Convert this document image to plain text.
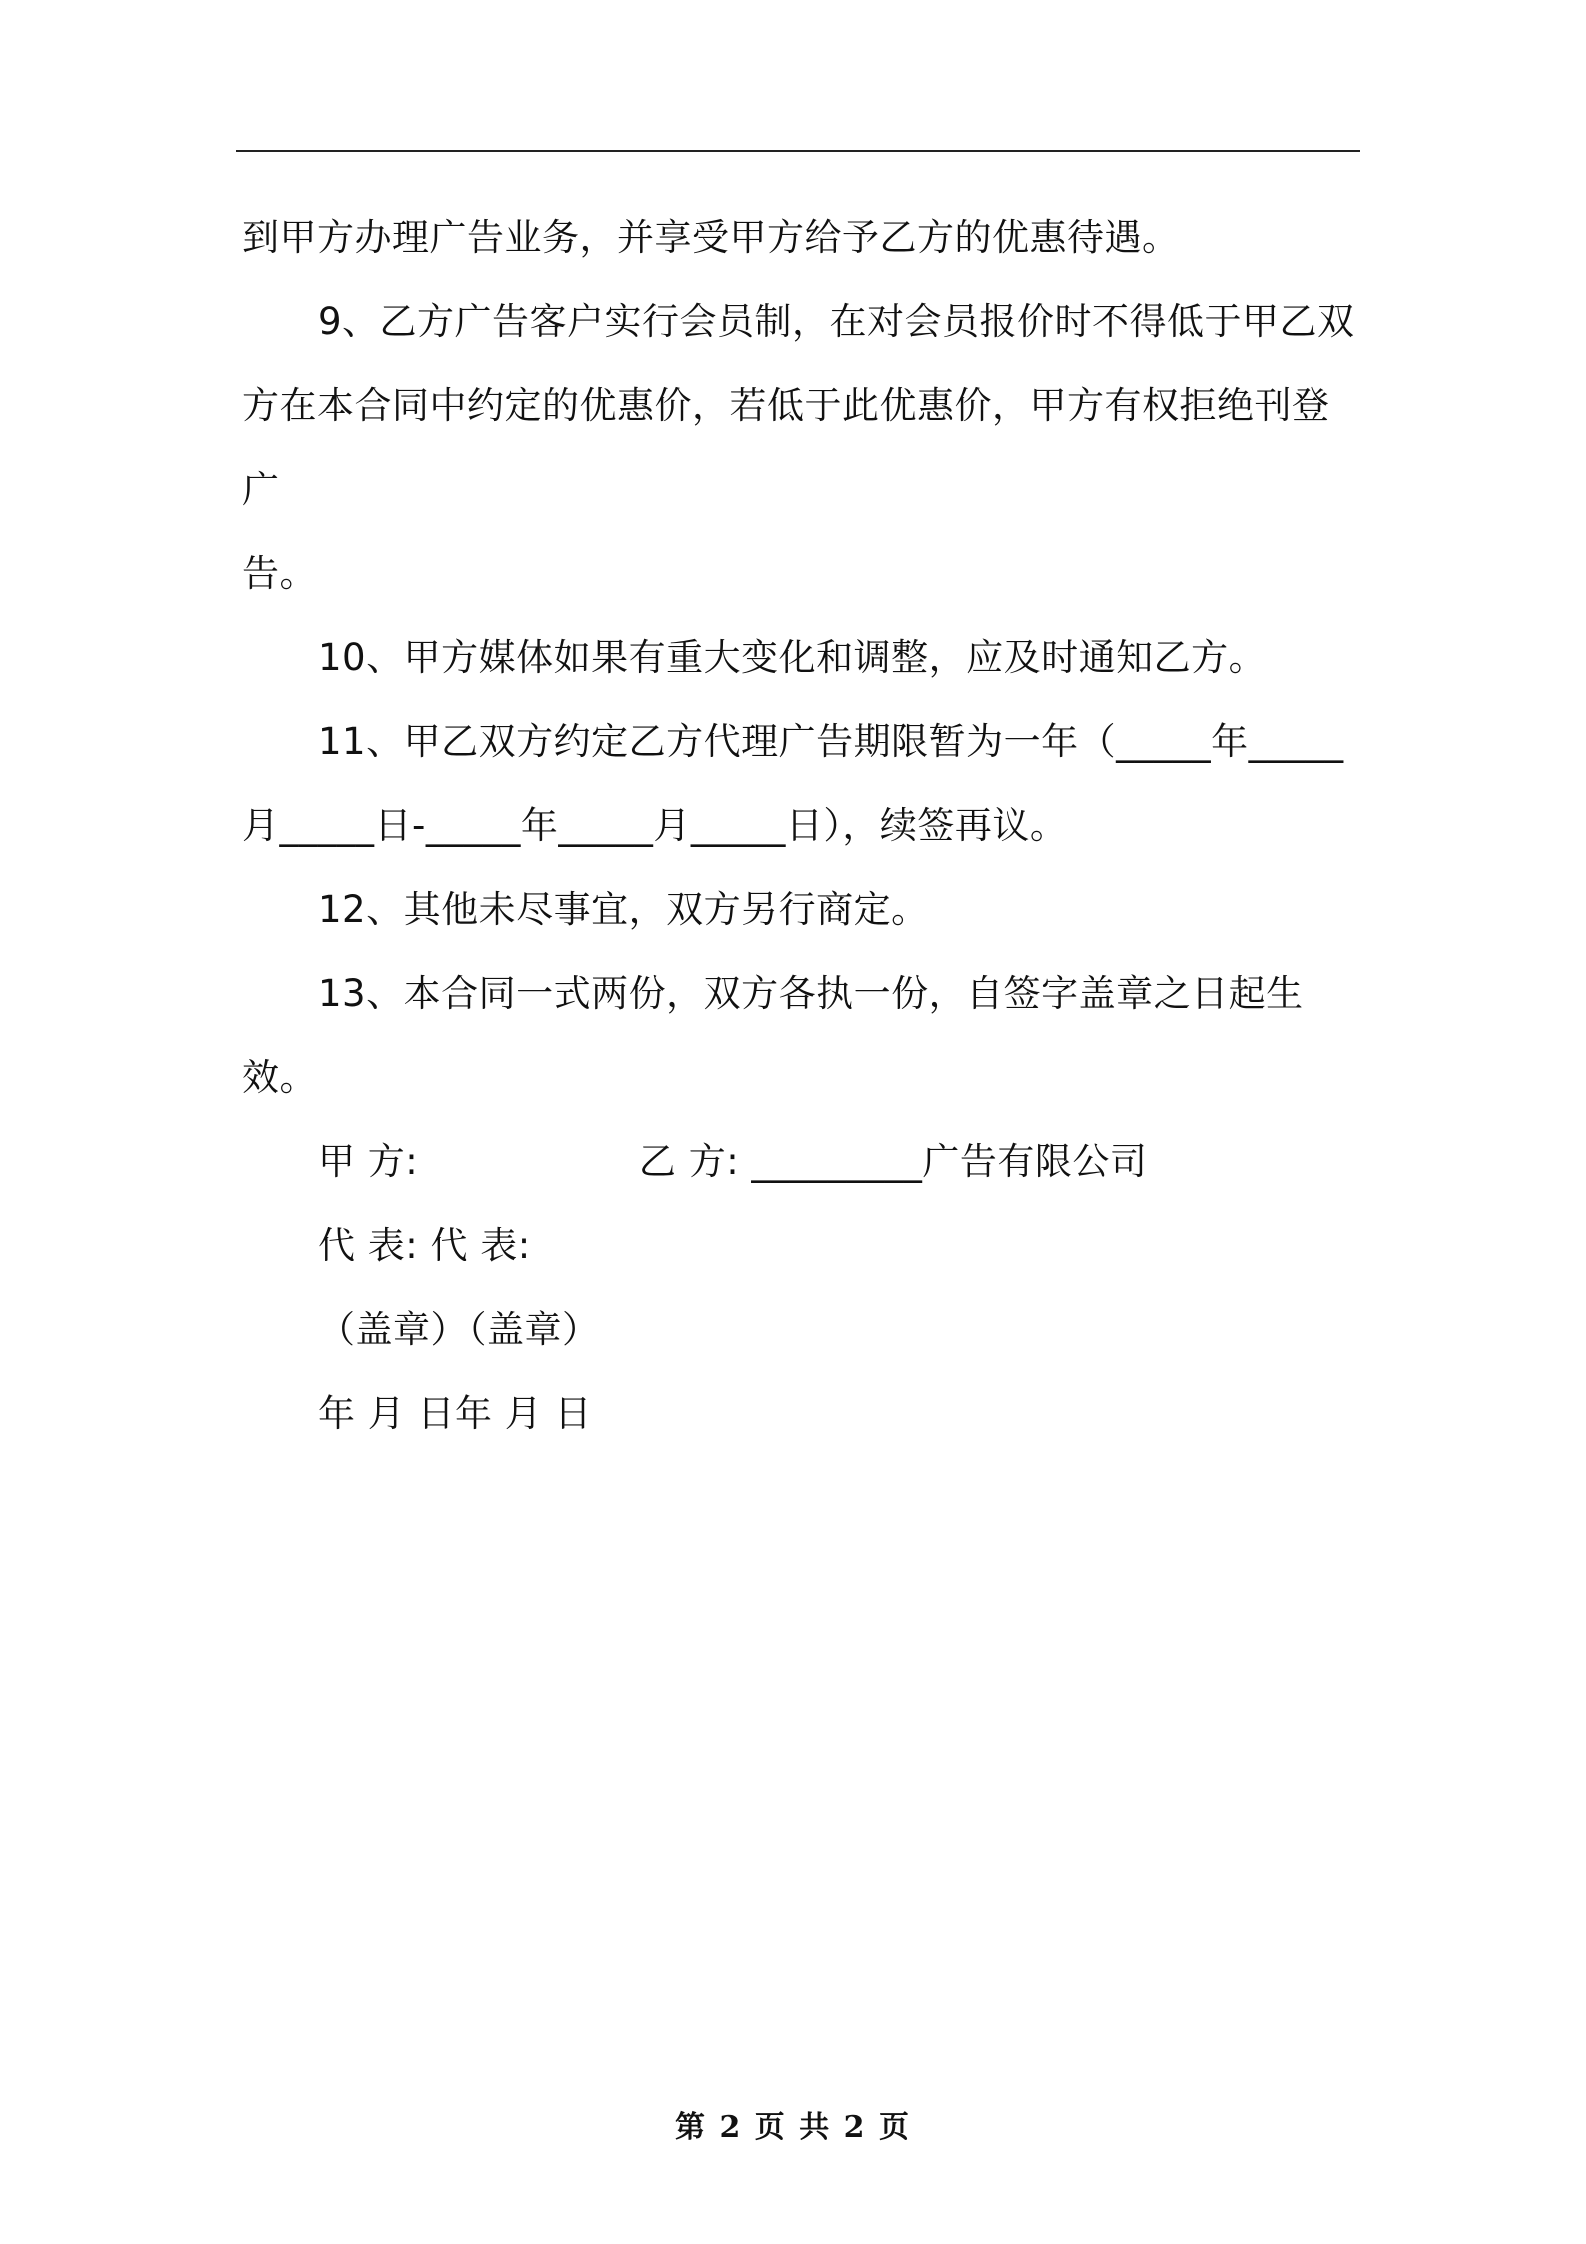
到甲方办理广告业务，并享受甲方给予乙方的优惠待遇。

9、乙方广告客户实行会员制，在对会员报价时不得低于甲乙双
方在本合同中约定的优惠价，若低于此优惠价，甲方有权拒绝刊登广
告。

10、甲方媒体如果有重大变化和调整，应及时通知乙方。

11、甲乙双方约定乙方代理广告期限暂为一年（_____年_____
月_____日-_____年_____月_____日），续签再议。

12、其他未尽事宜，双方另行商定。

13、本合同一式两份，双方各执一份，自签字盖章之日起生效。

甲 方:                  乙 方: _________广告有限公司

代 表: 代 表:

（盖章）（盖章）

年 月 日年 月 日

第 2 页 共 2 页
